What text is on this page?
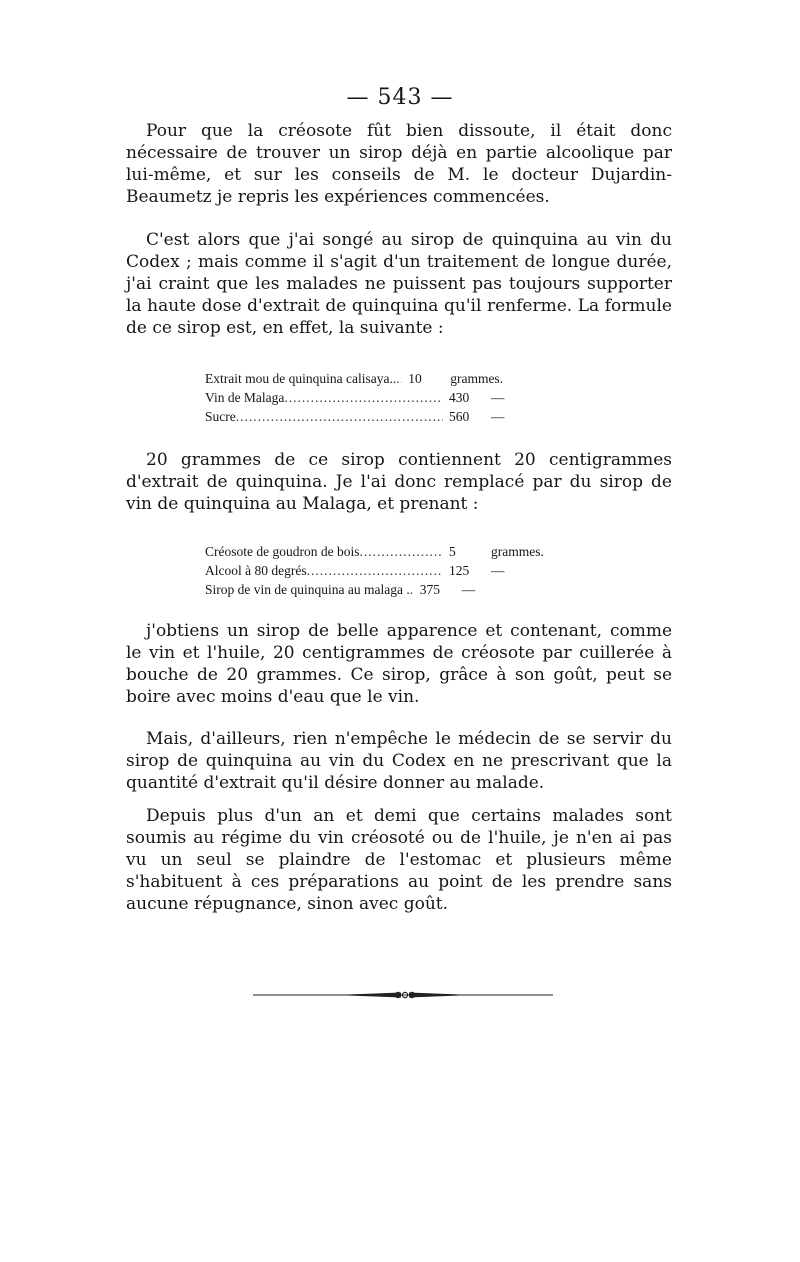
— 543 —

Pour que la créosote fût bien dissoute, il était donc nécessaire de trouver un sirop déjà en partie alcoolique par lui-même, et sur les conseils de M. le docteur Dujardin-Beaumetz je repris les expériences commencées.

C'est alors que j'ai songé au sirop de quinquina au vin du Codex ; mais comme il s'agit d'un traitement de longue durée, j'ai craint que les malades ne puissent pas toujours supporter la haute dose d'extrait de quinquina qu'il renferme. La formule de ce sirop est, en effet, la suivante :

Extrait mou de quinquina calisaya.. ..... 10	grammes.
Vin de Malaga .....	430	—
Sucre .....	560	—

20 grammes de ce sirop contiennent 20 centigrammes d'extrait de quinquina. Je l'ai donc remplacé par du sirop de vin de quinquina au Malaga, et prenant :

Créosote de goudron de bois .....	5	grammes.
Alcool à 80 degrés .....	125	—
Sirop de vin de quinquina au malaga . ..... 375	—

j'obtiens un sirop de belle apparence et contenant, comme le vin et l'huile, 20 centigrammes de créosote par cuillerée à bouche de 20 grammes. Ce sirop, grâce à son goût, peut se boire avec moins d'eau que le vin.

Mais, d'ailleurs, rien n'empêche le médecin de se servir du sirop de quinquina au vin du Codex en ne prescrivant que la quantité d'extrait qu'il désire donner au malade.

Depuis plus d'un an et demi que certains malades sont soumis au régime du vin créosoté ou de l'huile, je n'en ai pas vu un seul se plaindre de l'estomac et plusieurs même s'habituent à ces préparations au point de les prendre sans aucune répugnance, sinon avec goût.
